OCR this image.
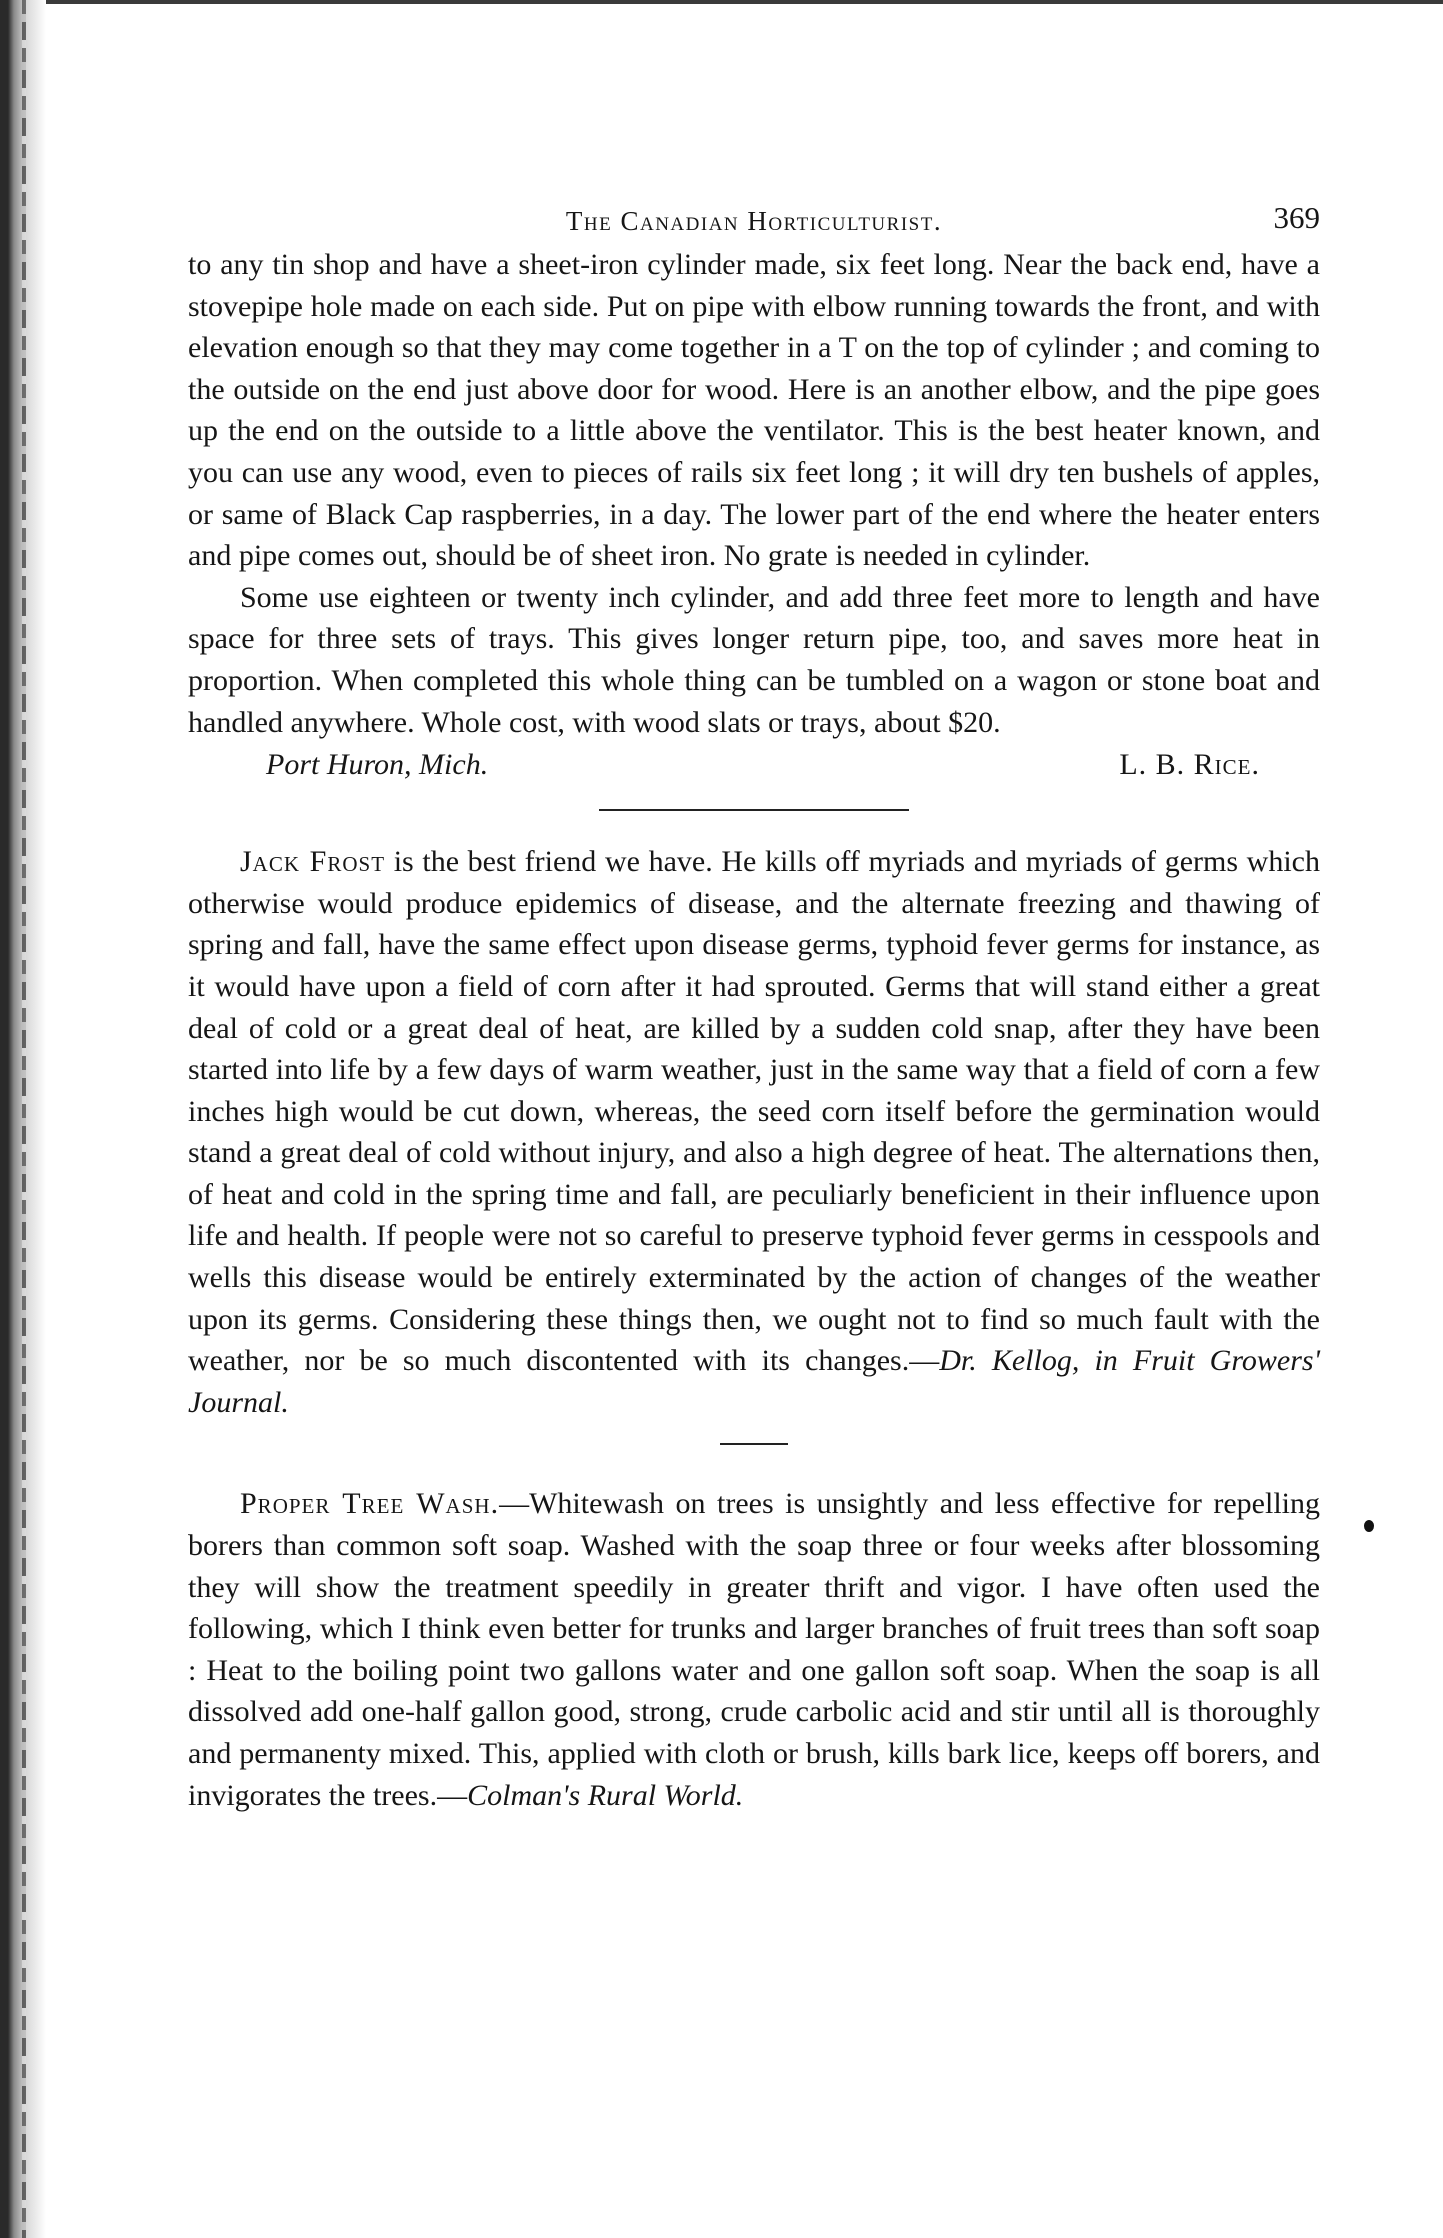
The Canadian Horticulturist.	369

to any tin shop and have a sheet-iron cylinder made, six feet long. Near the back end, have a stovepipe hole made on each side. Put on pipe with elbow running towards the front, and with elevation enough so that they may come together in a T on the top of cylinder ; and coming to the outside on the end just above door for wood. Here is an another elbow, and the pipe goes up the end on the outside to a little above the ventilator. This is the best heater known, and you can use any wood, even to pieces of rails six feet long ; it will dry ten bushels of apples, or same of Black Cap raspberries, in a day. The lower part of the end where the heater enters and pipe comes out, should be of sheet iron. No grate is needed in cylinder.

Some use eighteen or twenty inch cylinder, and add three feet more to length and have space for three sets of trays. This gives longer return pipe, too, and saves more heat in proportion. When completed this whole thing can be tumbled on a wagon or stone boat and handled anywhere. Whole cost, with wood slats or trays, about $20.

Port Huron, Mich.	L. B. Rice.

Jack Frost is the best friend we have. He kills off myriads and myriads of germs which otherwise would produce epidemics of disease, and the alternate freezing and thawing of spring and fall, have the same effect upon disease germs, typhoid fever germs for instance, as it would have upon a field of corn after it had sprouted. Germs that will stand either a great deal of cold or a great deal of heat, are killed by a sudden cold snap, after they have been started into life by a few days of warm weather, just in the same way that a field of corn a few inches high would be cut down, whereas, the seed corn itself before the germination would stand a great deal of cold without injury, and also a high degree of heat. The alternations then, of heat and cold in the spring time and fall, are peculiarly beneficient in their influence upon life and health. If people were not so careful to preserve typhoid fever germs in cesspools and wells this disease would be entirely exterminated by the action of changes of the weather upon its germs. Considering these things then, we ought not to find so much fault with the weather, nor be so much discontented with its changes.—Dr. Kellog, in Fruit Growers' Journal.

Proper Tree Wash.—Whitewash on trees is unsightly and less effective for repelling borers than common soft soap. Washed with the soap three or four weeks after blossoming they will show the treatment speedily in greater thrift and vigor. I have often used the following, which I think even better for trunks and larger branches of fruit trees than soft soap : Heat to the boiling point two gallons water and one gallon soft soap. When the soap is all dissolved add one-half gallon good, strong, crude carbolic acid and stir until all is thoroughly and permanenty mixed. This, applied with cloth or brush, kills bark lice, keeps off borers, and invigorates the trees.—Colman's Rural World.
